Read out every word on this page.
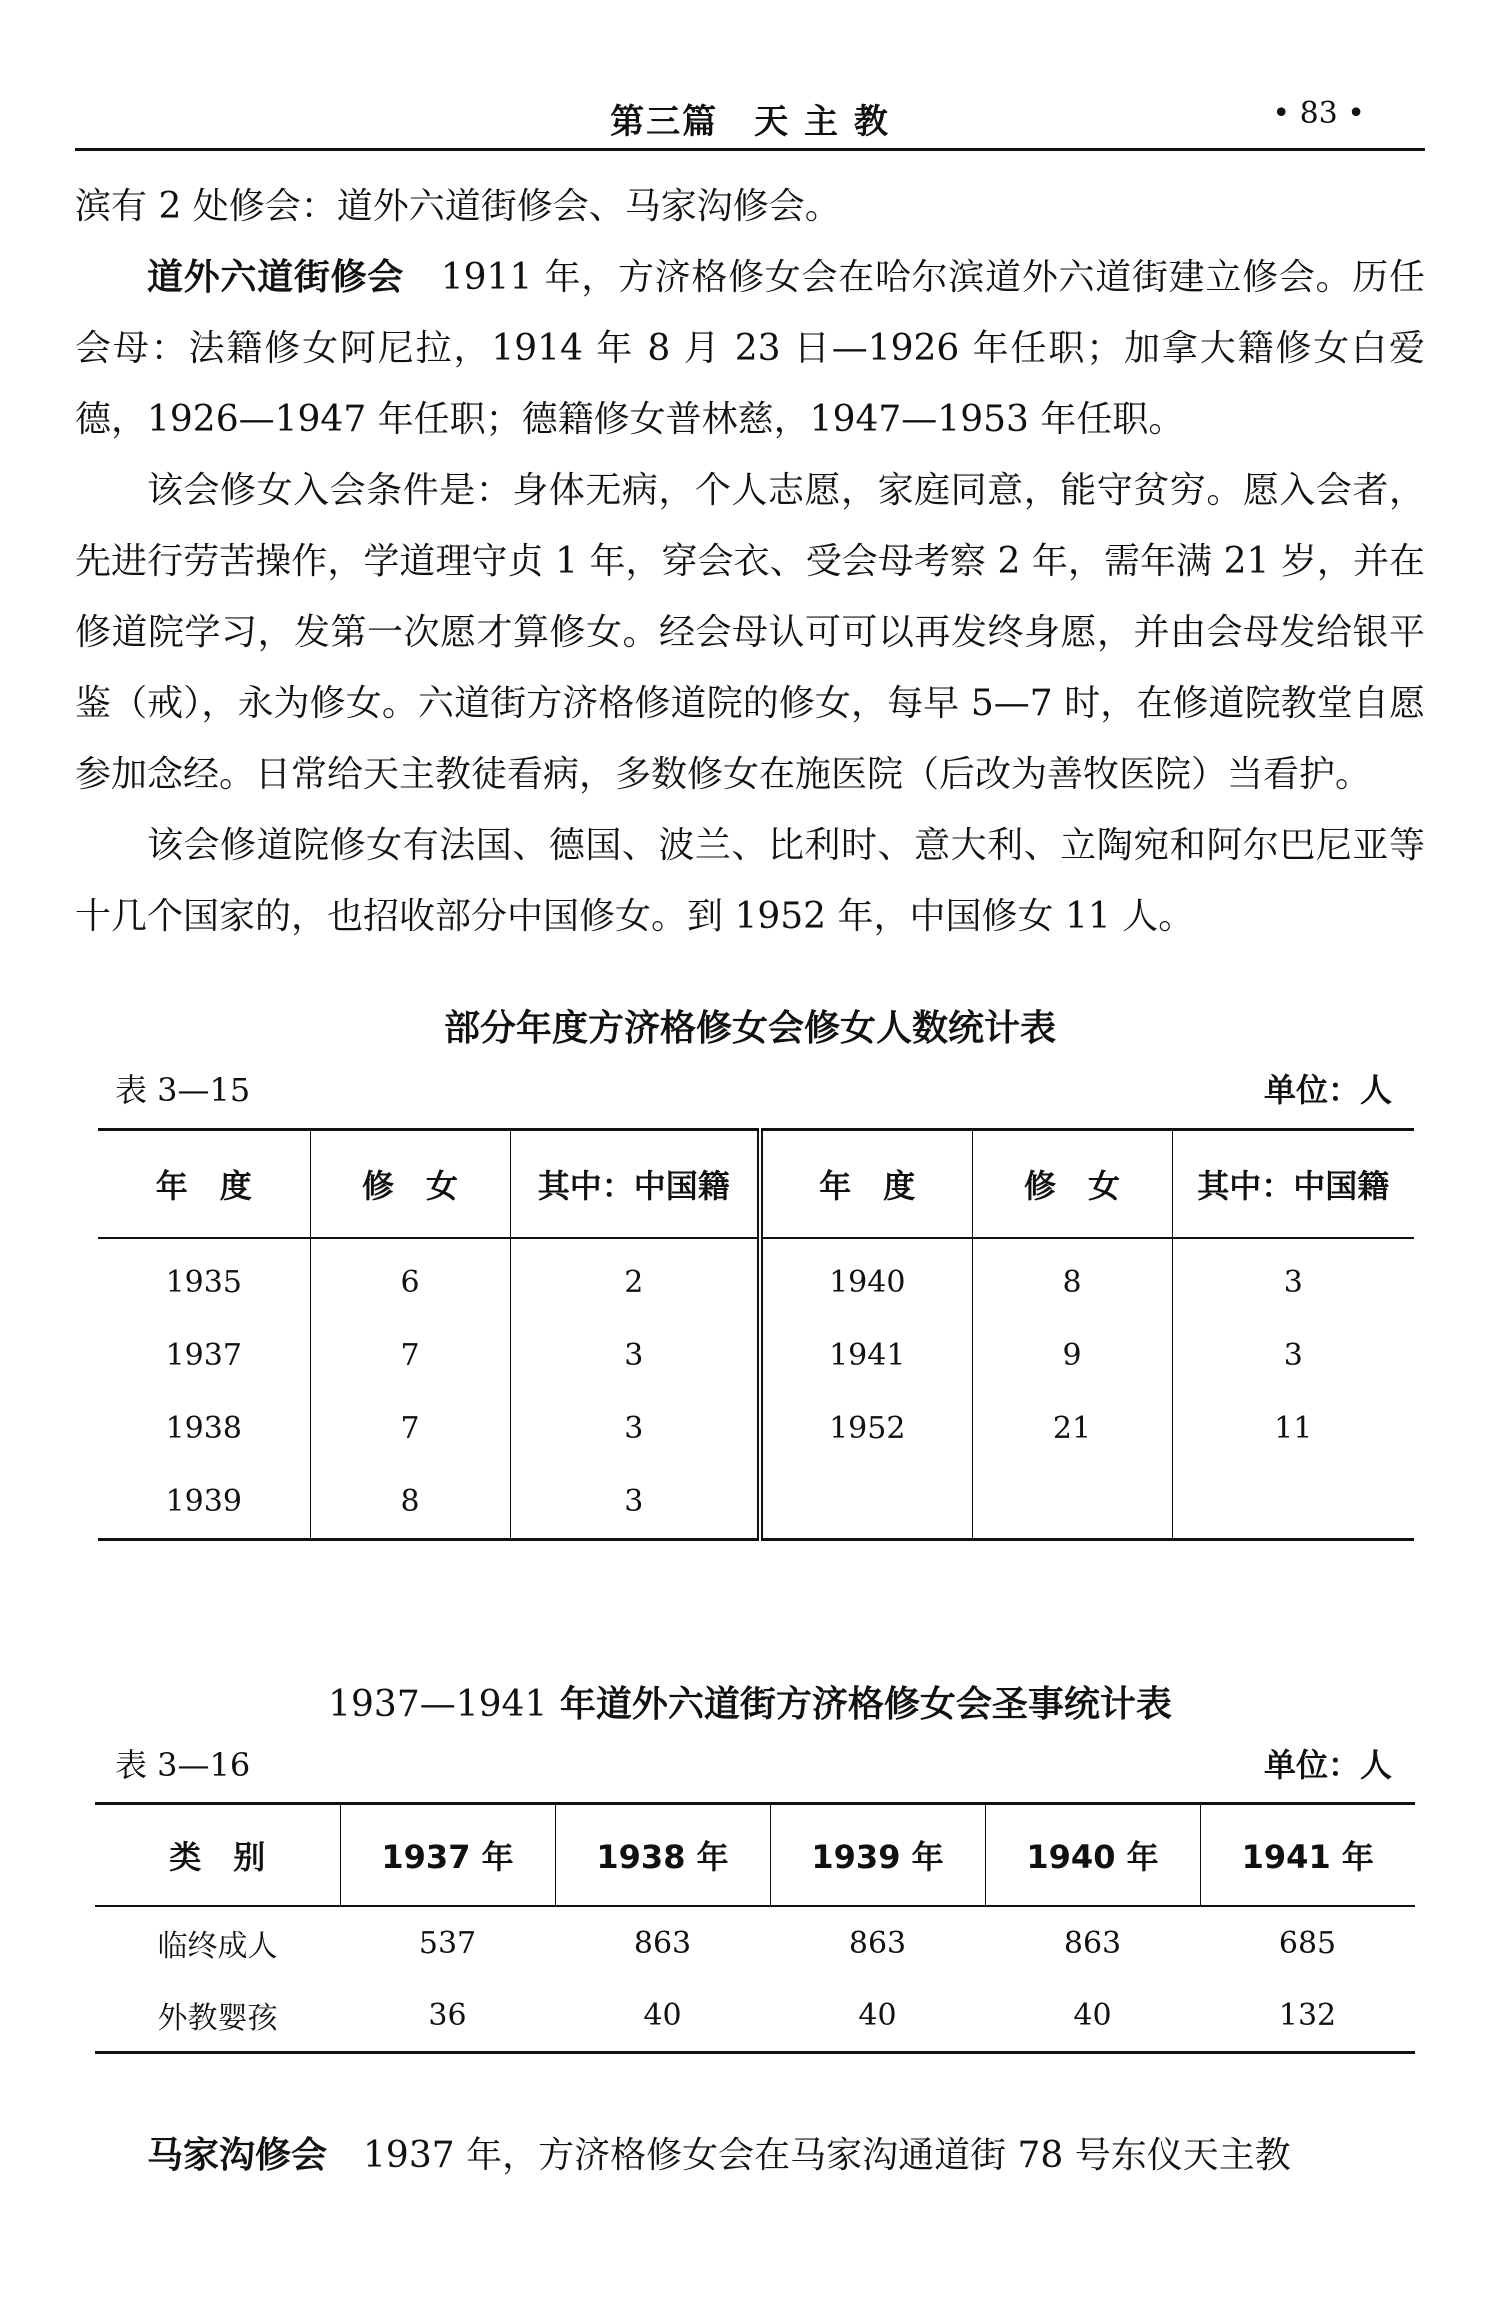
第三篇　天 主 教	• 83 •

滨有 2 处修会：道外六道街修会、马家沟修会。

道外六道街修会　1911 年，方济格修女会在哈尔滨道外六道街建立修会。历任会母：法籍修女阿尼拉，1914 年 8 月 23 日—1926 年任职；加拿大籍修女白爱德，1926—1947 年任职；德籍修女普林慈，1947—1953 年任职。

该会修女入会条件是：身体无病，个人志愿，家庭同意，能守贫穷。愿入会者，先进行劳苦操作，学道理守贞 1 年，穿会衣、受会母考察 2 年，需年满 21 岁，并在修道院学习，发第一次愿才算修女。经会母认可可以再发终身愿，并由会母发给银平鉴（戒），永为修女。六道街方济格修道院的修女，每早 5—7 时，在修道院教堂自愿参加念经。日常给天主教徒看病，多数修女在施医院（后改为善牧医院）当看护。

该会修道院修女有法国、德国、波兰、比利时、意大利、立陶宛和阿尔巴尼亚等十几个国家的，也招收部分中国修女。到 1952 年，中国修女 11 人。

部分年度方济格修女会修女人数统计表
表 3—15	单位：人
年　度	修　女	其中：中国籍	年　度	修　女	其中：中国籍
1935	6	2	1940	8	3
1937	7	3	1941	9	3
1938	7	3	1952	21	11
1939	8	3			
1937—1941 年道外六道街方济格修女会圣事统计表
表 3—16	单位：人
类　别	1937 年	1938 年	1939 年	1940 年	1941 年
临终成人	537	863	863	863	685
外教婴孩	36	40	40	40	132

马家沟修会　1937 年，方济格修女会在马家沟通道街 78 号东仪天主教
